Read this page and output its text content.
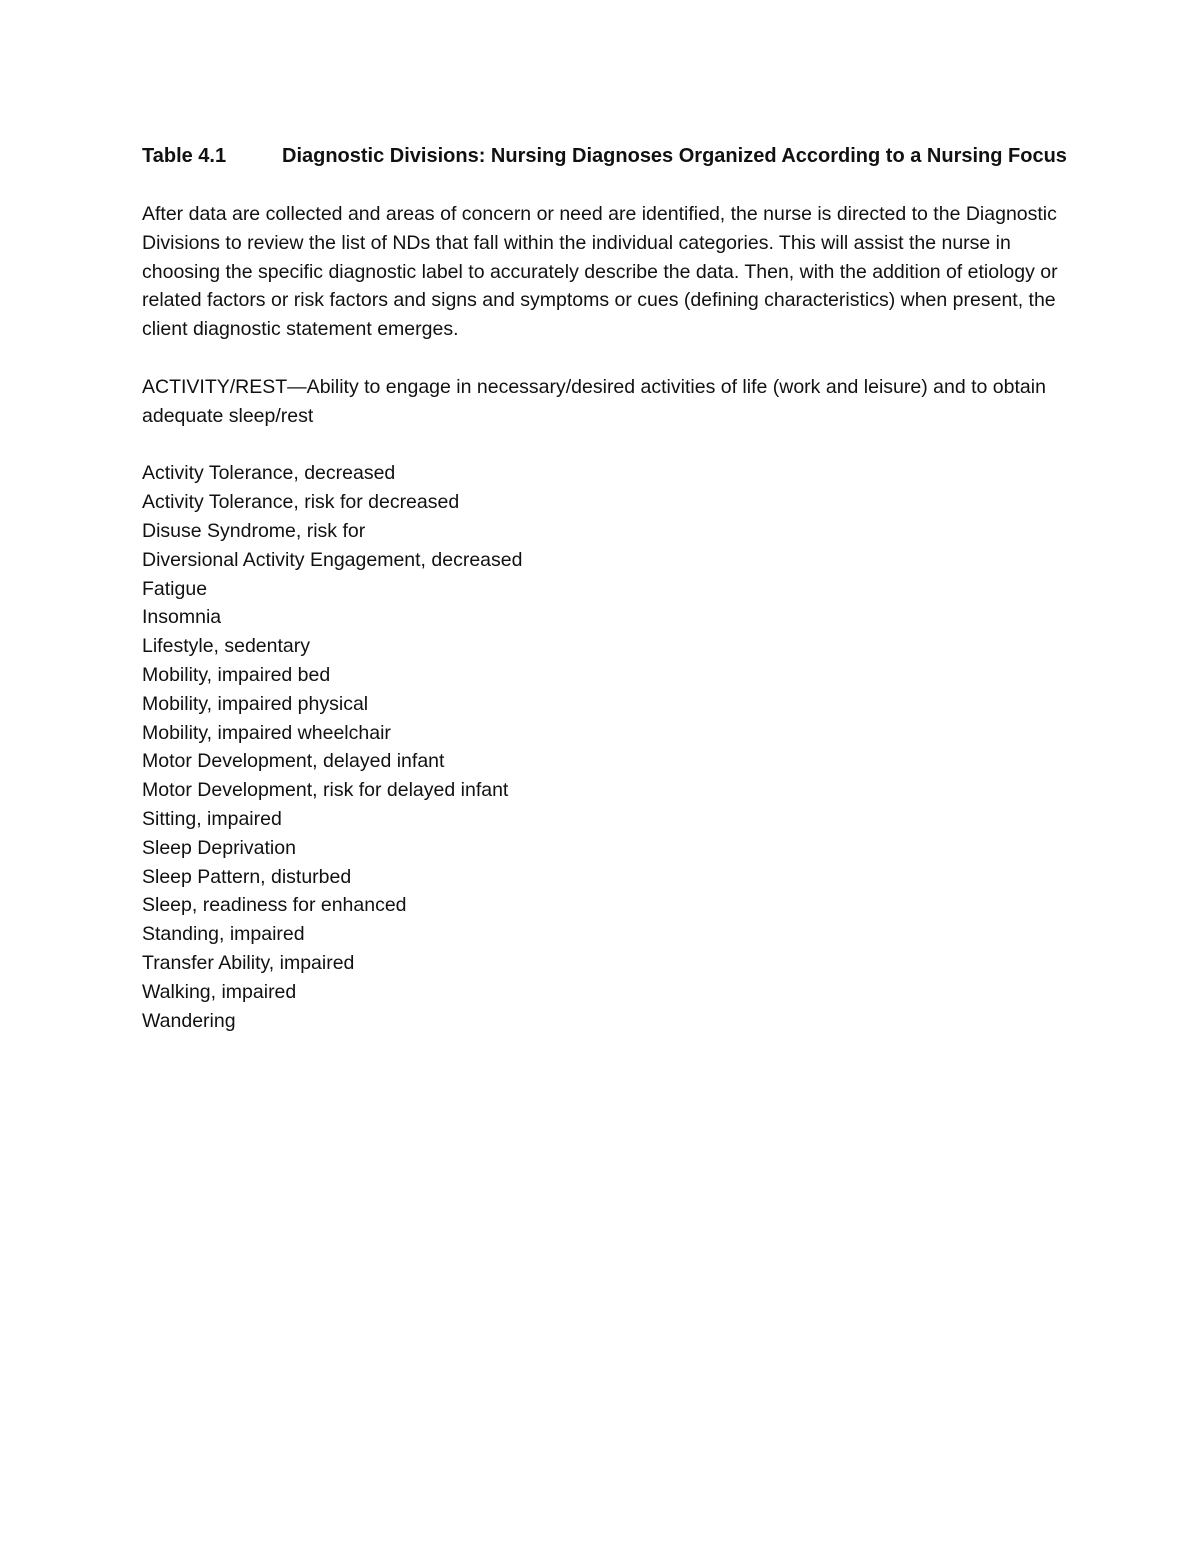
Table 4.1	Diagnostic Divisions: Nursing Diagnoses Organized According to a Nursing Focus

After data are collected and areas of concern or need are identified, the nurse is directed to the Diagnostic Divisions to review the list of NDs that fall within the individual categories. This will assist the nurse in choosing the specific diagnostic label to accurately describe the data. Then, with the addition of etiology or related factors or risk factors and signs and symptoms or cues (defining characteristics) when present, the client diagnostic statement emerges.

ACTIVITY/REST—Ability to engage in necessary/desired activities of life (work and leisure) and to obtain adequate sleep/rest

Activity Tolerance, decreased
Activity Tolerance, risk for decreased
Disuse Syndrome, risk for
Diversional Activity Engagement, decreased
Fatigue
Insomnia
Lifestyle, sedentary
Mobility, impaired bed
Mobility, impaired physical
Mobility, impaired wheelchair
Motor Development, delayed infant
Motor Development, risk for delayed infant
Sitting, impaired
Sleep Deprivation
Sleep Pattern, disturbed
Sleep, readiness for enhanced
Standing, impaired
Transfer Ability, impaired
Walking, impaired
Wandering
